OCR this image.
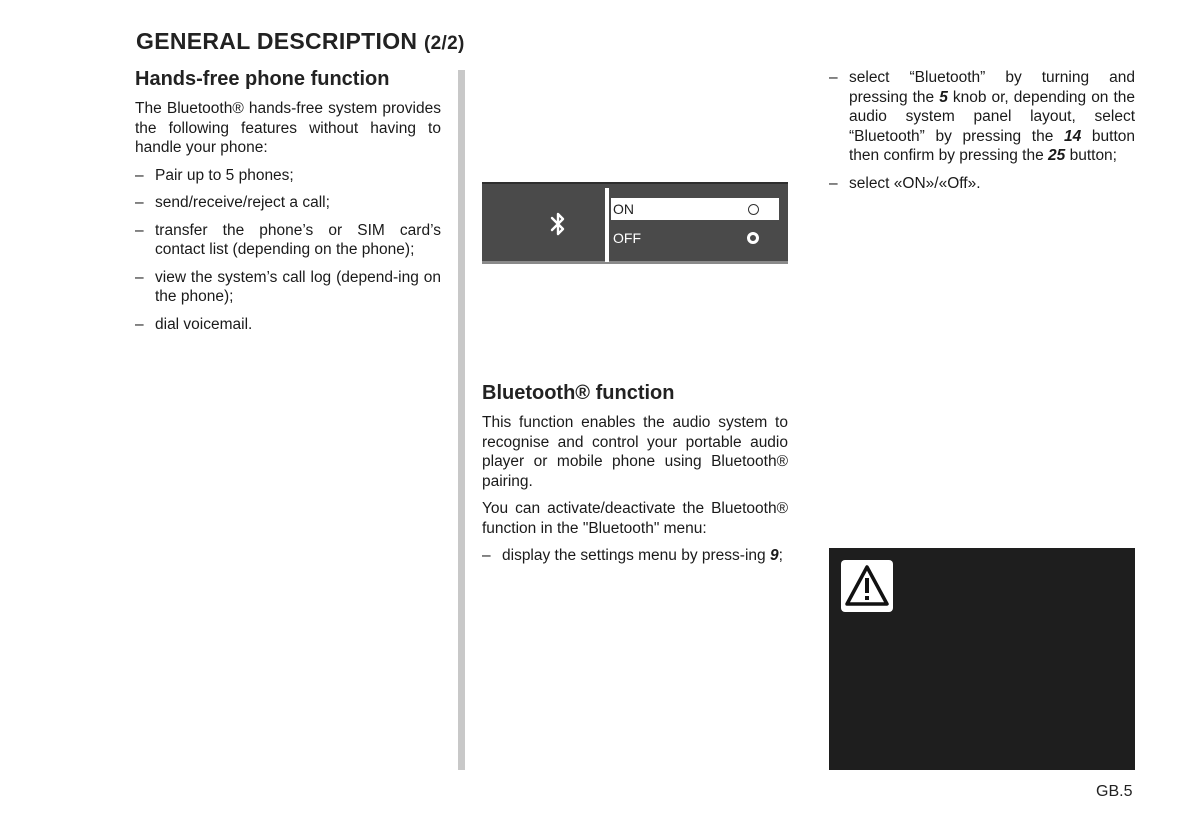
GENERAL DESCRIPTION (2/2)
Hands-free phone function

The Bluetooth® hands-free system provides the following features without having to handle your phone:

– Pair up to 5 phones;
– send/receive/reject a call;
– transfer the phone’s or SIM card’s contact list (depending on the phone);
– view the system’s call log (depend-ing on the phone);
– dial voicemail.
ON
OFF
Bluetooth® function

This function enables the audio system to recognise and control your portable audio player or mobile phone using Bluetooth® pairing.

You can activate/deactivate the Bluetooth® function in the "Bluetooth" menu:

– display the settings menu by press-ing 9;
– select “Bluetooth” by turning and pressing the 5 knob or, depending on the audio system panel layout, select “Bluetooth” by pressing the 14 button then confirm by pressing the 25 button;
– select «ON»/«Off».
GB.5
